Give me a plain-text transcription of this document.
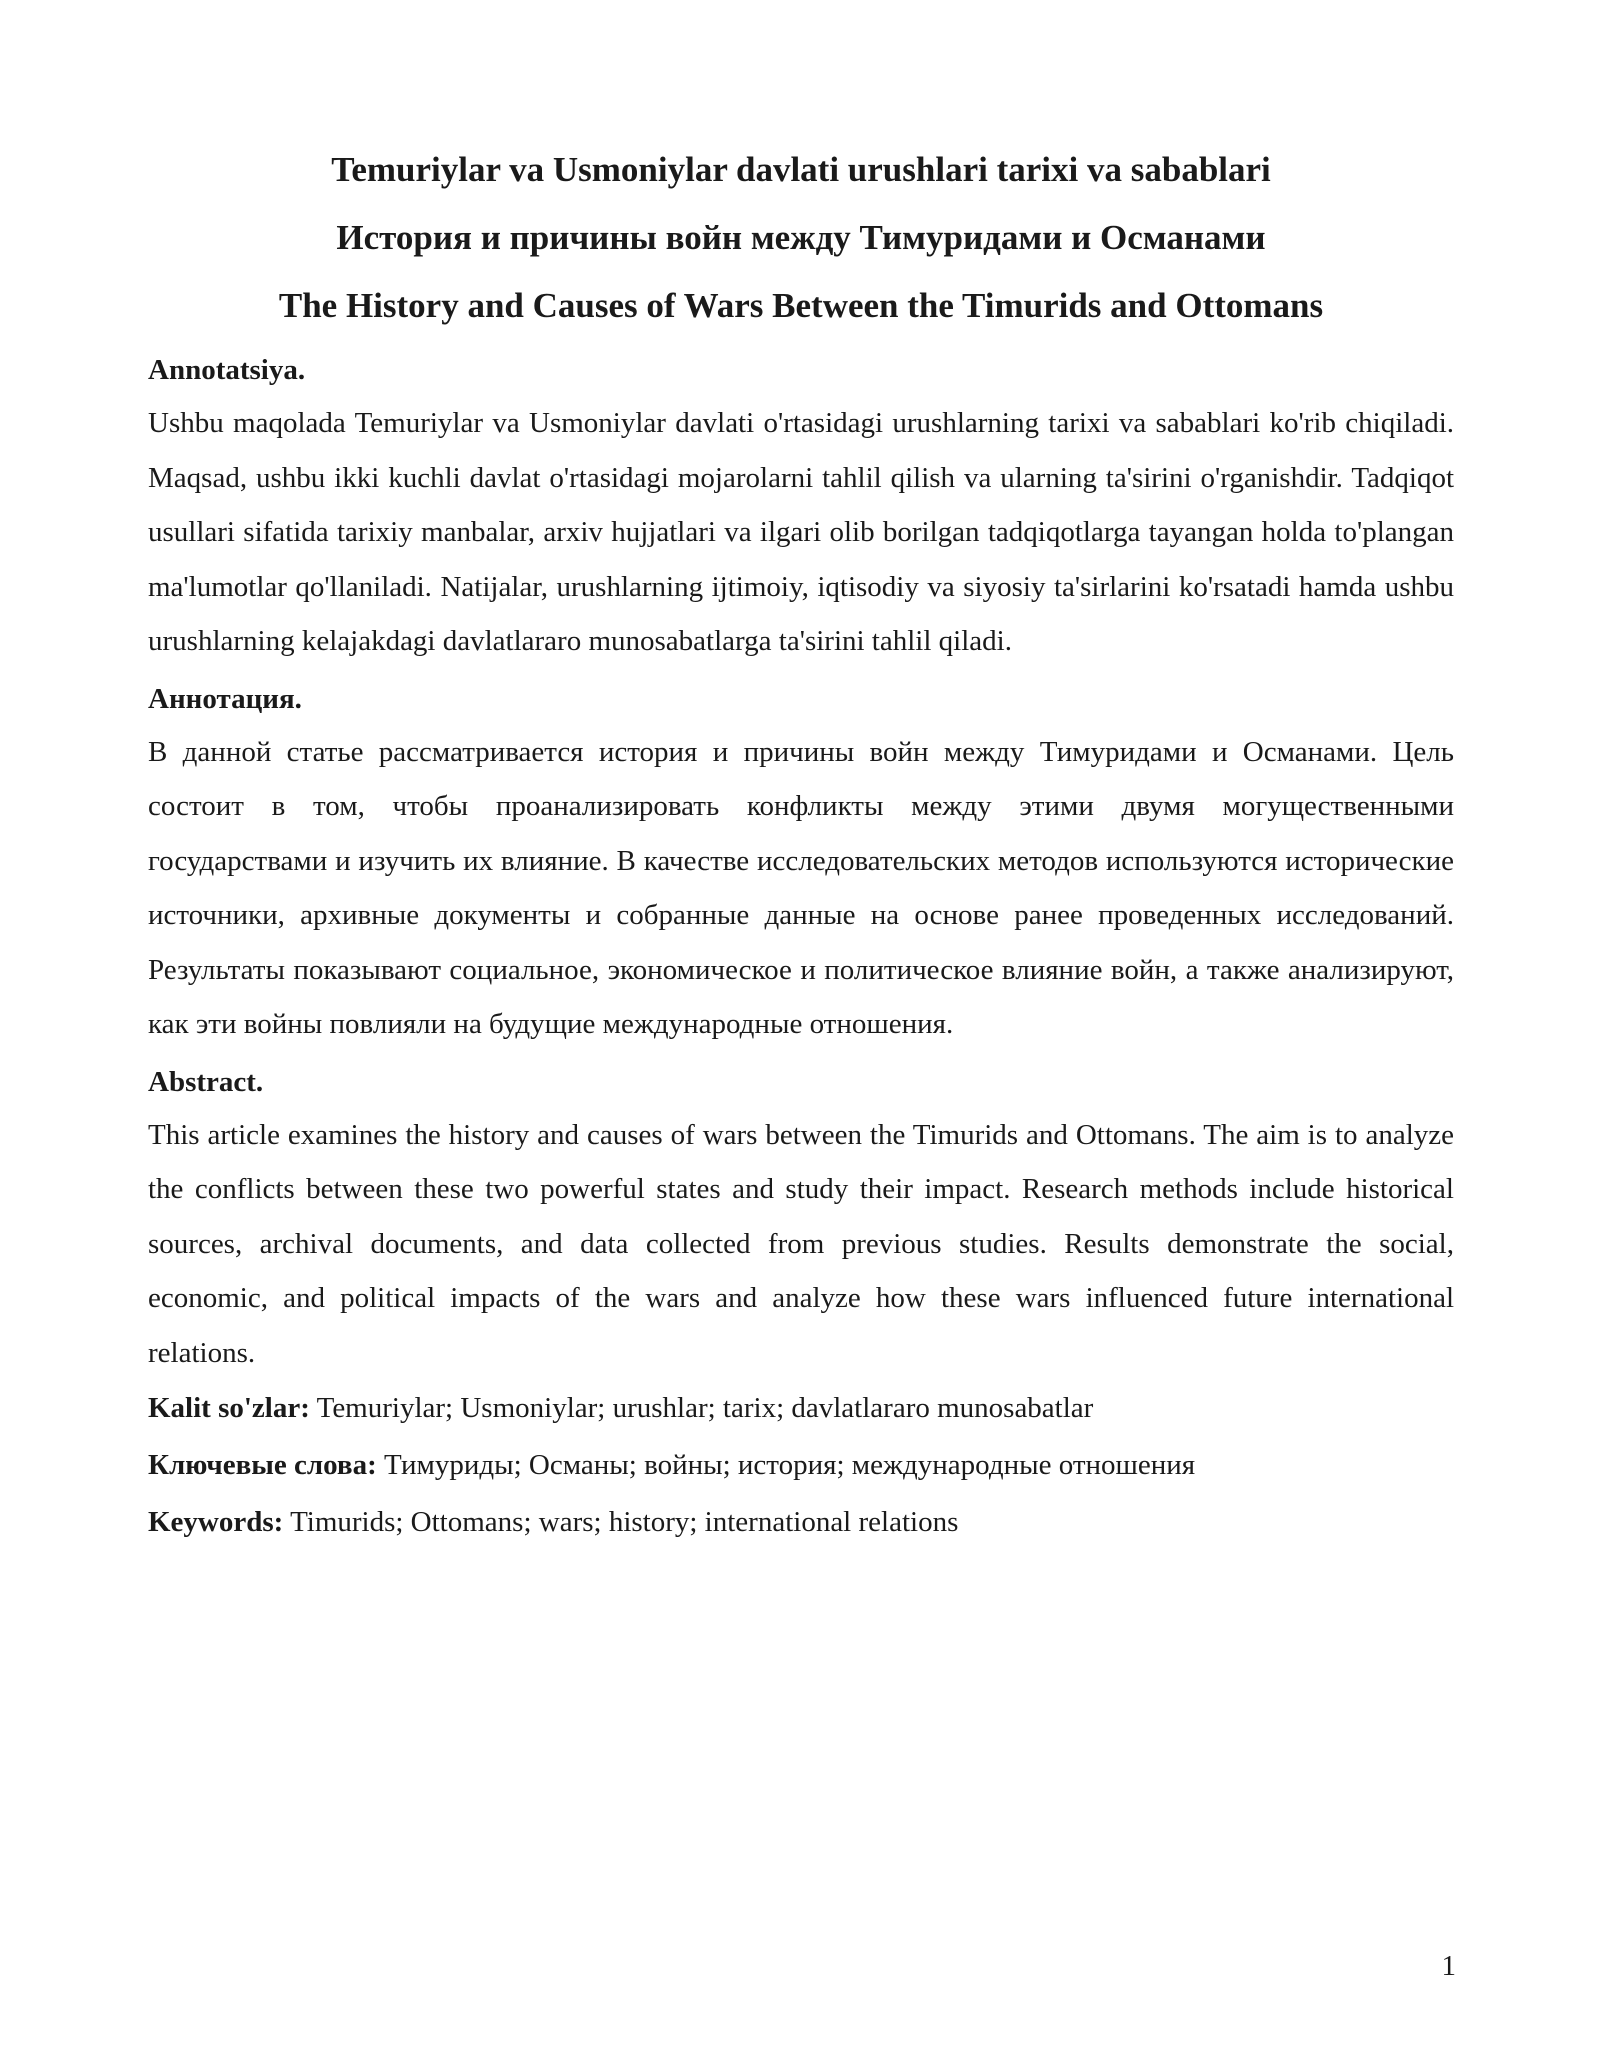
Temuriylar va Usmoniylar davlati urushlari tarixi va sabablari
История и причины войн между Тимуридами и Османами
The History and Causes of Wars Between the Timurids and Ottomans
Annotatsiya.

Ushbu maqolada Temuriylar va Usmoniylar davlati o'rtasidagi urushlarning tarixi va sabablari ko'rib chiqiladi. Maqsad, ushbu ikki kuchli davlat o'rtasidagi mojarolarni tahlil qilish va ularning ta'sirini o'rganishdir. Tadqiqot usullari sifatida tarixiy manbalar, arxiv hujjatlari va ilgari olib borilgan tadqiqotlarga tayangan holda to'plangan ma'lumotlar qo'llaniladi. Natijalar, urushlarning ijtimoiy, iqtisodiy va siyosiy ta'sirlarini ko'rsatadi hamda ushbu urushlarning kelajakdagi davlatlararo munosabatlarga ta'sirini tahlil qiladi.

Аннотация.

В данной статье рассматривается история и причины войн между Тимуридами и Османами. Цель состоит в том, чтобы проанализировать конфликты между этими двумя могущественными государствами и изучить их влияние. В качестве исследовательских методов используются исторические источники, архивные документы и собранные данные на основе ранее проведенных исследований. Результаты показывают социальное, экономическое и политическое влияние войн, а также анализируют, как эти войны повлияли на будущие международные отношения.

Abstract.

This article examines the history and causes of wars between the Timurids and Ottomans. The aim is to analyze the conflicts between these two powerful states and study their impact. Research methods include historical sources, archival documents, and data collected from previous studies. Results demonstrate the social, economic, and political impacts of the wars and analyze how these wars influenced future international relations.

Kalit so'zlar: Temuriylar; Usmoniylar; urushlar; tarix; davlatlararo munosabatlar

Ключевые слова: Тимуриды; Османы; войны; история; международные отношения

Keywords: Timurids; Ottomans; wars; history; international relations

1
